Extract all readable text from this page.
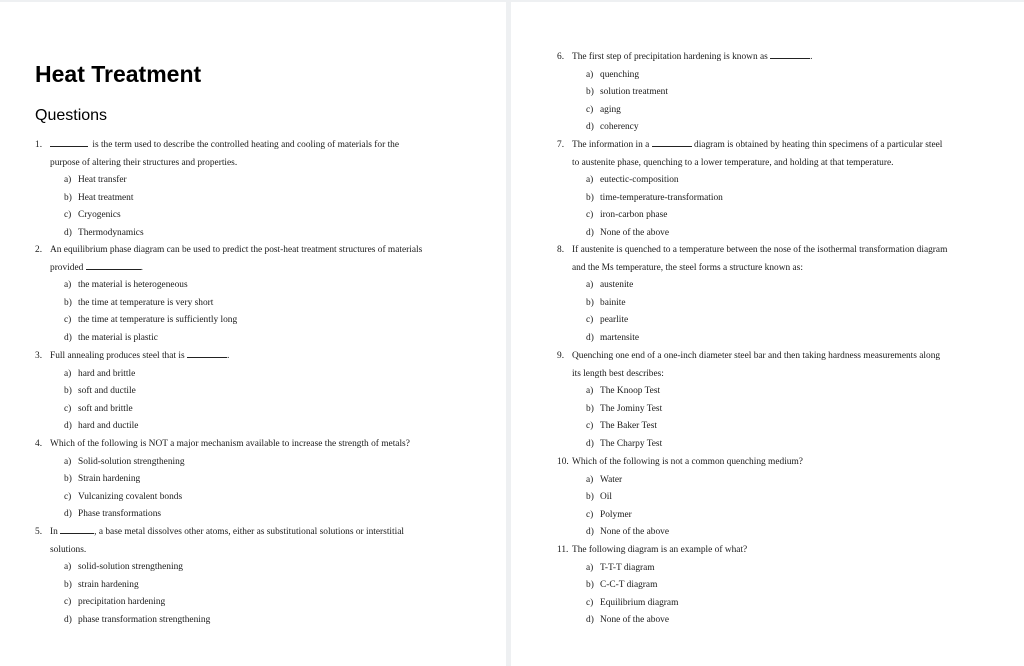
Heat Treatment
Questions
1.	is the term used to describe the controlled heating and cooling of materials for the
purpose of altering their structures and properties.
a) Heat transfer
b) Heat treatment
c) Cryogenics
d) Thermodynamics
2. An equilibrium phase diagram can be used to predict the post-heat treatment structures of materials
provided	.
a) the material is heterogeneous
b) the time at temperature is very short
c) the time at temperature is sufficiently long
d) the material is plastic
3. Full annealing produces steel that is	.
a) hard and brittle
b) soft and ductile
c) soft and brittle
d) hard and ductile
4. Which of the following is NOT a major mechanism available to increase the strength of metals?
a) Solid-solution strengthening
b) Strain hardening
c) Vulcanizing covalent bonds
d) Phase transformations
5. In	, a base metal dissolves other atoms, either as substitutional solutions or interstitial
solutions.
a) solid-solution strengthening
b) strain hardening
c) precipitation hardening
d) phase transformation strengthening
6. The first step of precipitation hardening is known as	.
a) quenching
b) solution treatment
c) aging
d) coherency
7. The information in a	diagram is obtained by heating thin specimens of a particular steel
to austenite phase, quenching to a lower temperature, and holding at that temperature.
a) eutectic-composition
b) time-temperature-transformation
c) iron-carbon phase
d) None of the above
8. If austenite is quenched to a temperature between the nose of the isothermal transformation diagram
and the Ms temperature, the steel forms a structure known as:
a) austenite
b) bainite
c) pearlite
d) martensite
9. Quenching one end of a one-inch diameter steel bar and then taking hardness measurements along
its length best describes:
a) The Knoop Test
b) The Jominy Test
c) The Baker Test
d) The Charpy Test
10. Which of the following is not a common quenching medium?
a) Water
b) Oil
c) Polymer
d) None of the above
11. The following diagram is an example of what?
a) T-T-T diagram
b) C-C-T diagram
c) Equilibrium diagram
d) None of the above
